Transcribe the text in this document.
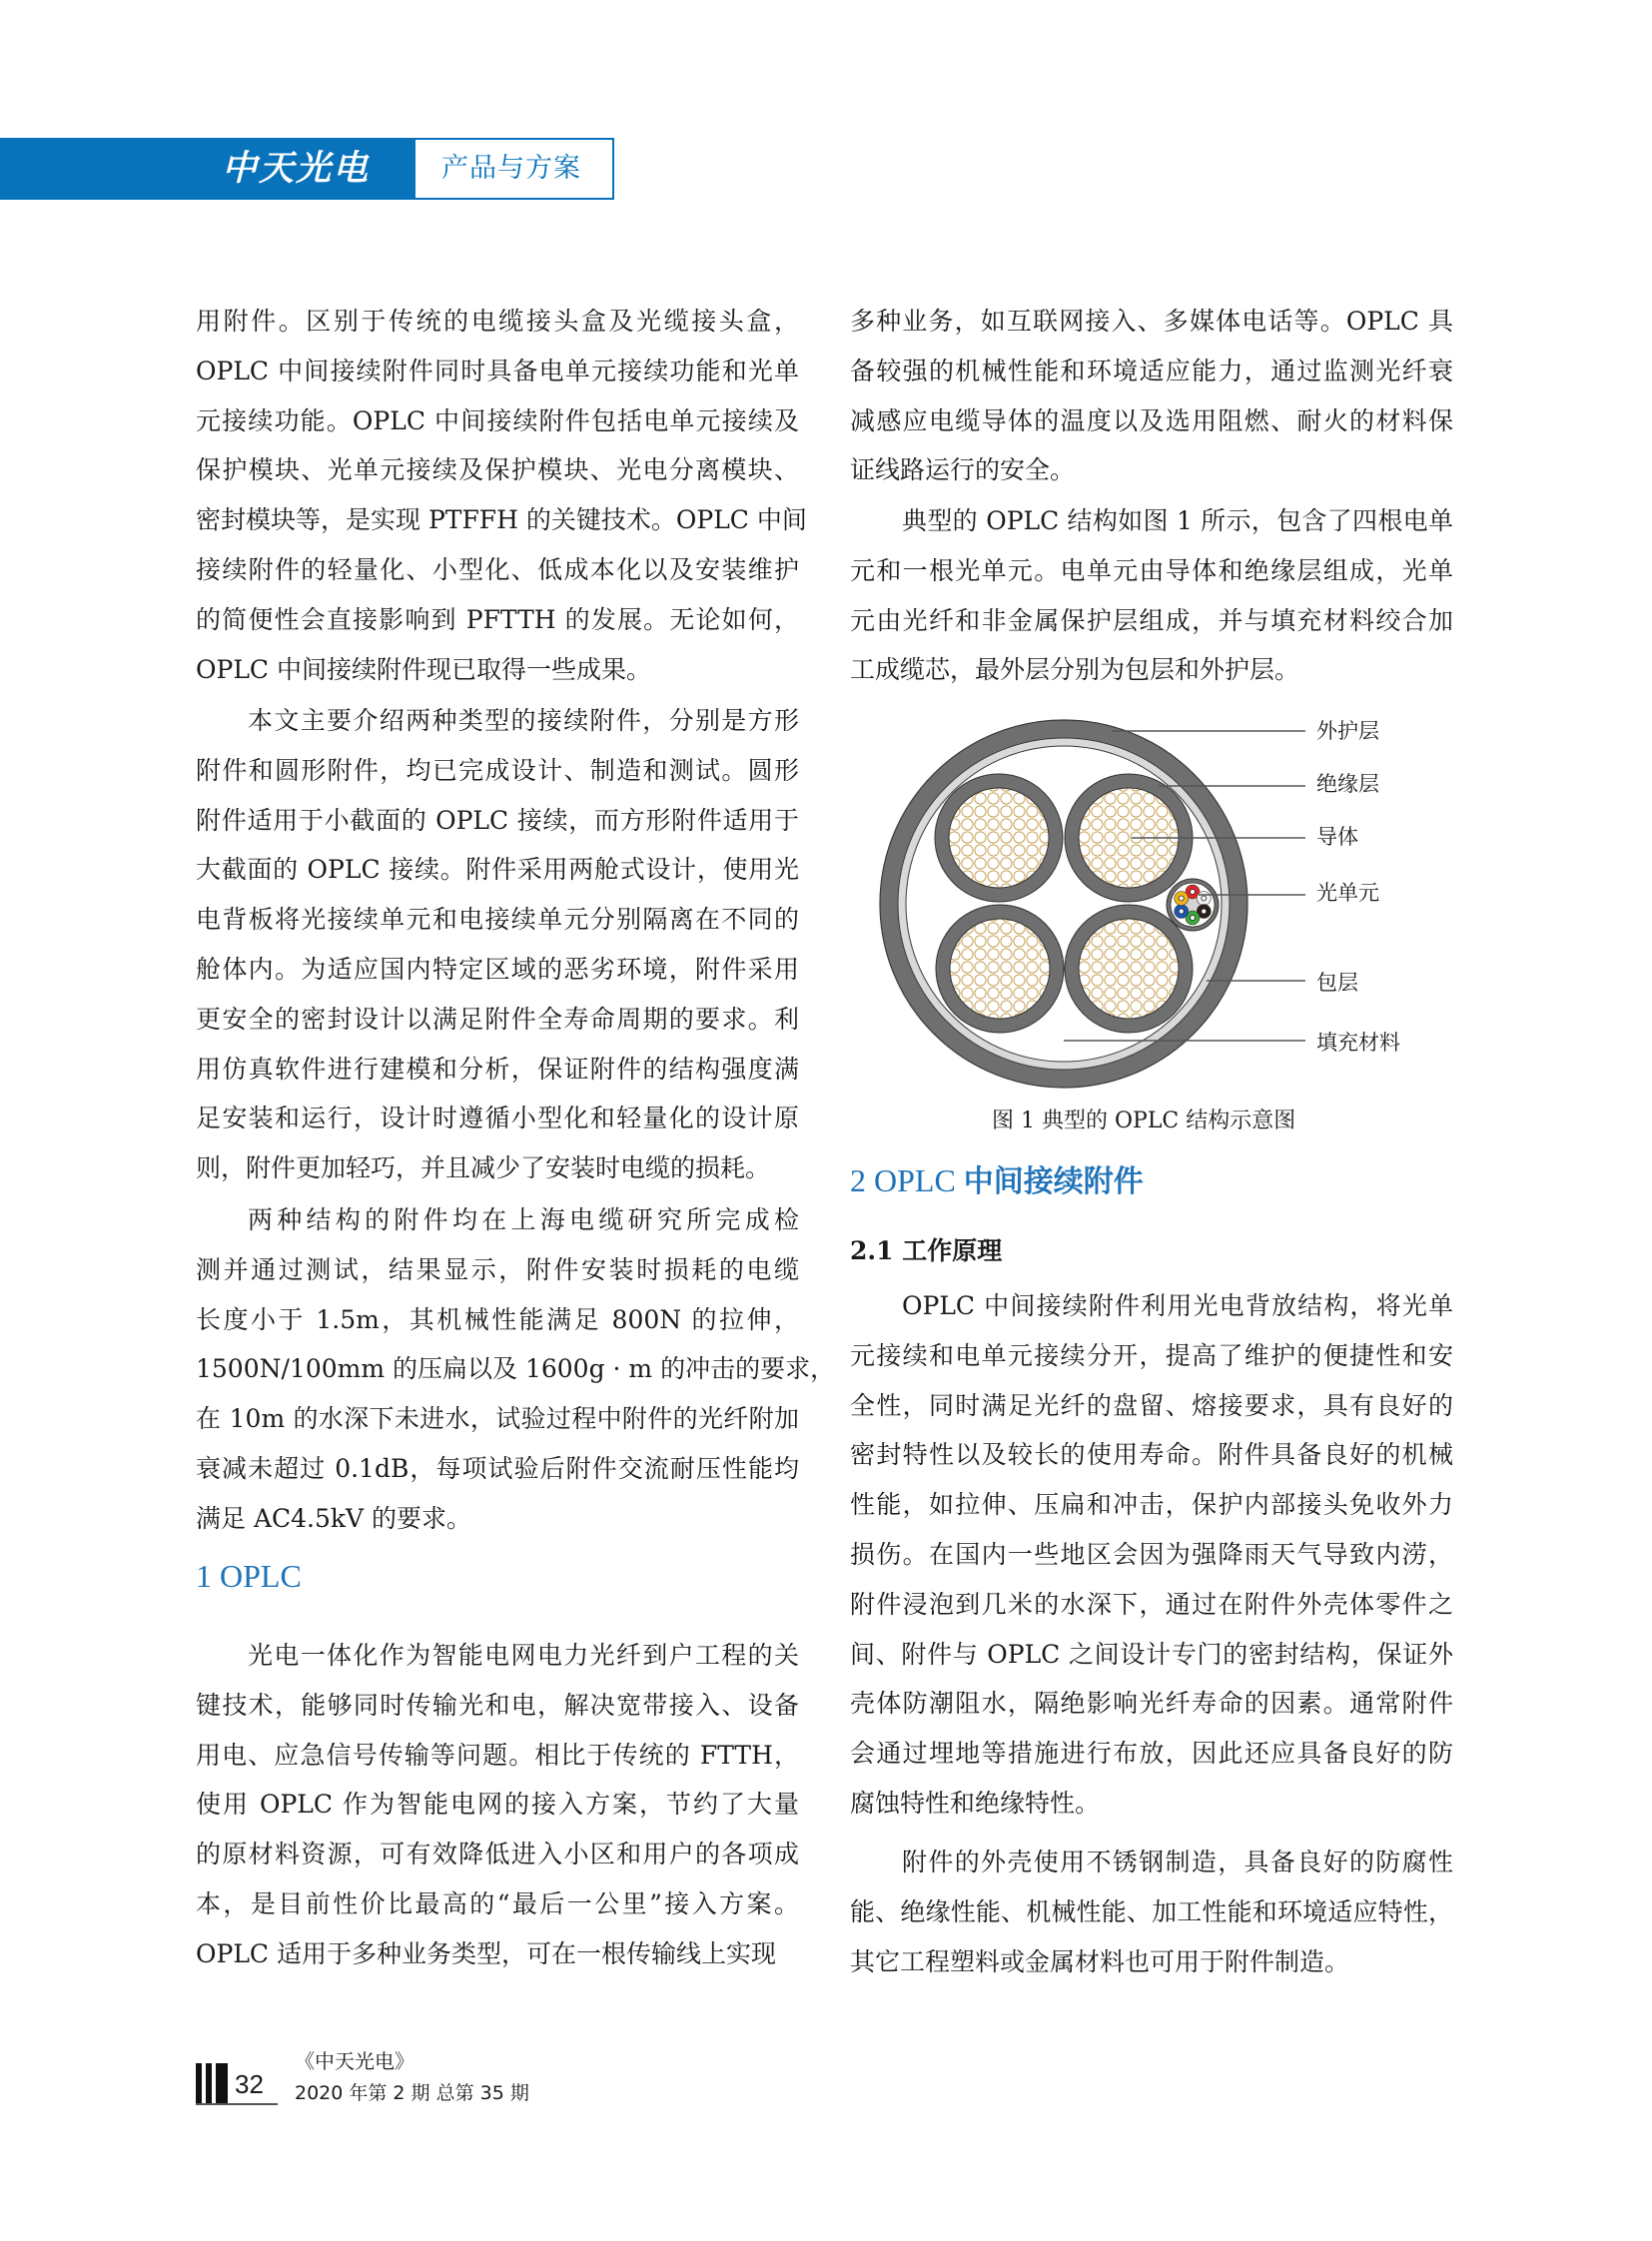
中天光电	产品与方案
用附件。区别于传统的电缆接头盒及光缆接头盒，
OPLC 中间接续附件同时具备电单元接续功能和光单
元接续功能。OPLC 中间接续附件包括电单元接续及
保护模块、光单元接续及保护模块、光电分离模块、
密封模块等，是实现 PTFFH 的关键技术。OPLC 中间
接续附件的轻量化、小型化、低成本化以及安装维护
的简便性会直接影响到 PFTTH 的发展。无论如何，
OPLC 中间接续附件现已取得一些成果。
本文主要介绍两种类型的接续附件，分别是方形
附件和圆形附件，均已完成设计、制造和测试。圆形
附件适用于小截面的 OPLC 接续，而方形附件适用于
大截面的 OPLC 接续。附件采用两舱式设计，使用光
电背板将光接续单元和电接续单元分别隔离在不同的
舱体内。为适应国内特定区域的恶劣环境，附件采用
更安全的密封设计以满足附件全寿命周期的要求。利
用仿真软件进行建模和分析，保证附件的结构强度满
足安装和运行，设计时遵循小型化和轻量化的设计原
则，附件更加轻巧，并且减少了安装时电缆的损耗。
两种结构的附件均在上海电缆研究所完成检
测并通过测试，结果显示，附件安装时损耗的电缆
长度小于 1.5m，其机械性能满足 800N 的拉伸，
1500N/100mm 的压扁以及 1600g · m 的冲击的要求，
在 10m 的水深下未进水，试验过程中附件的光纤附加
衰减未超过 0.1dB，每项试验后附件交流耐压性能均
满足 AC4.5kV 的要求。
1 OPLC
光电一体化作为智能电网电力光纤到户工程的关
键技术，能够同时传输光和电，解决宽带接入、设备
用电、应急信号传输等问题。相比于传统的 FTTH，
使用 OPLC 作为智能电网的接入方案，节约了大量
的原材料资源，可有效降低进入小区和用户的各项成
本，是目前性价比最高的“最后一公里”接入方案。
OPLC 适用于多种业务类型，可在一根传输线上实现
多种业务，如互联网接入、多媒体电话等。OPLC 具
备较强的机械性能和环境适应能力，通过监测光纤衰
减感应电缆导体的温度以及选用阻燃、耐火的材料保
证线路运行的安全。
典型的 OPLC 结构如图 1 所示，包含了四根电单
元和一根光单元。电单元由导体和绝缘层组成，光单
元由光纤和非金属保护层组成，并与填充材料绞合加
工成缆芯，最外层分别为包层和外护层。
2 OPLC 中间接续附件
2.1 工作原理
OPLC 中间接续附件利用光电背放结构，将光单
元接续和电单元接续分开，提高了维护的便捷性和安
全性，同时满足光纤的盘留、熔接要求，具有良好的
密封特性以及较长的使用寿命。附件具备良好的机械
性能，如拉伸、压扁和冲击，保护内部接头免收外力
损伤。在国内一些地区会因为强降雨天气导致内涝，
附件浸泡到几米的水深下，通过在附件外壳体零件之
间、附件与 OPLC 之间设计专门的密封结构，保证外
壳体防潮阻水，隔绝影响光纤寿命的因素。通常附件
会通过埋地等措施进行布放，因此还应具备良好的防
腐蚀特性和绝缘特性。
附件的外壳使用不锈钢制造，具备良好的防腐性
能、绝缘性能、机械性能、加工性能和环境适应特性，
其它工程塑料或金属材料也可用于附件制造。
外护层
绝缘层
导体
光单元
包层
填充材料
图 1 典型的 OPLC 结构示意图
32
《中天光电》
2020 年第 2 期 总第 35 期
